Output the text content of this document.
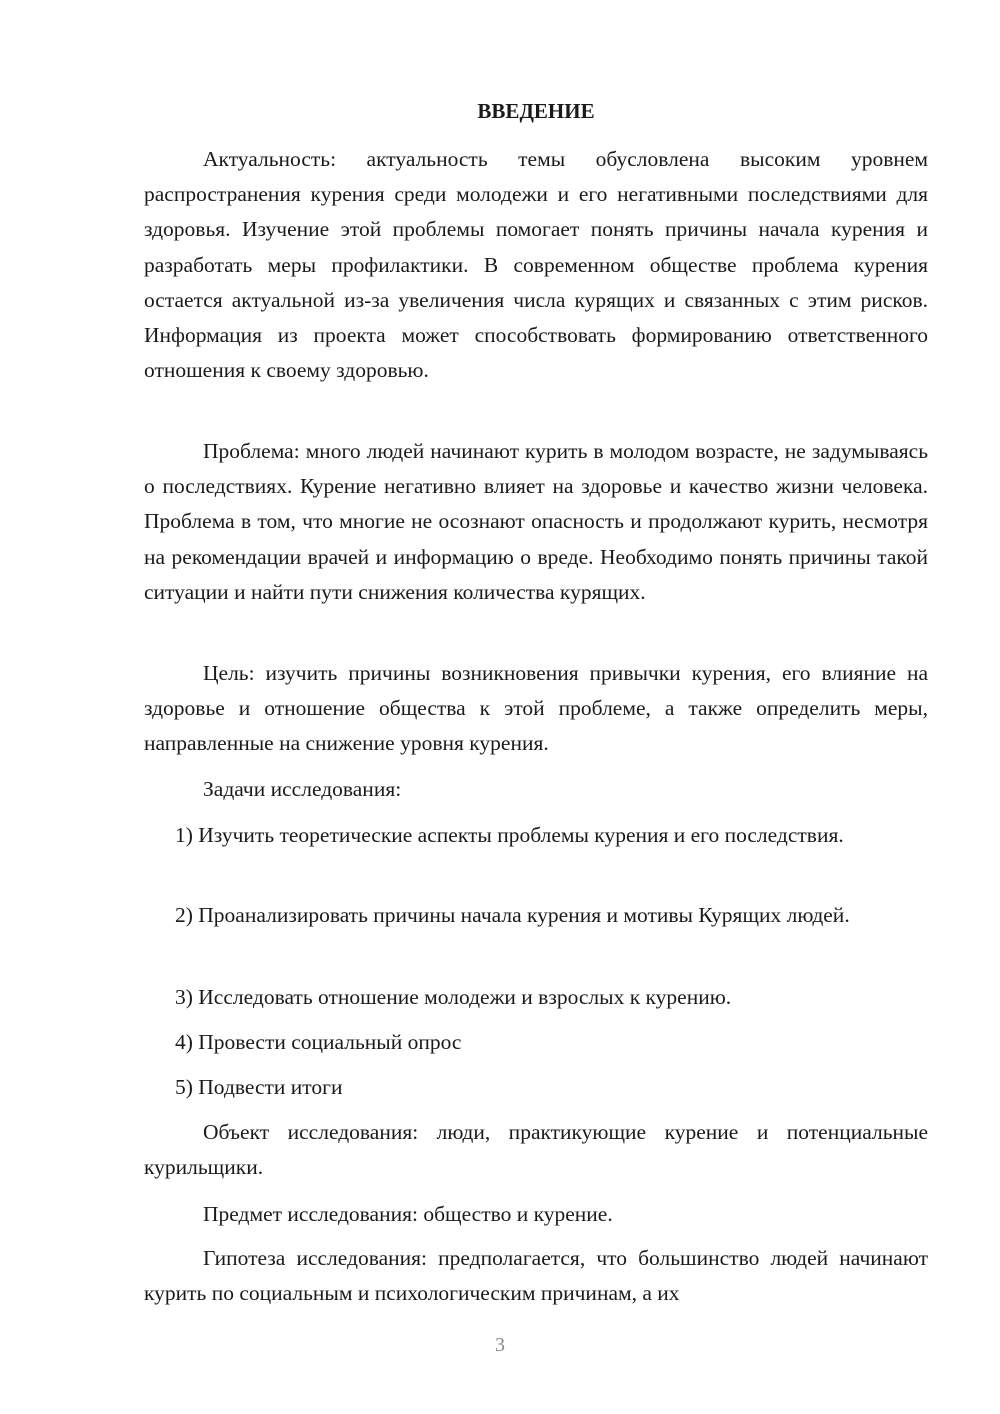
ВВЕДЕНИЕ

Актуальность: актуальность темы обусловлена высоким уровнем распространения курения среди молодежи и его негативными последствиями для здоровья. Изучение этой проблемы помогает понять причины начала курения и разработать меры профилактики. В современном обществе проблема курения остается актуальной из-за увеличения числа курящих и связанных с этим рисков. Информация из проекта может способствовать формированию ответственного отношения к своему здоровью.

Проблема: много людей начинают курить в молодом возрасте, не задумываясь о последствиях. Курение негативно влияет на здоровье и качество жизни человека. Проблема в том, что многие не осознают опасность и продолжают курить, несмотря на рекомендации врачей и информацию о вреде. Необходимо понять причины такой ситуации и найти пути снижения количества курящих.

Цель: изучить причины возникновения привычки курения, его влияние на здоровье и отношение общества к этой проблеме, а также определить меры, направленные на снижение уровня курения.

Задачи исследования:

1) Изучить теоретические аспекты проблемы курения и его последствия.

2) Проанализировать причины начала курения и мотивы Курящих людей.

3) Исследовать отношение молодежи и взрослых к курению.

4) Провести социальный опрос

5) Подвести итоги

Объект исследования: люди, практикующие курение и потенциальные курильщики.

Предмет исследования: общество и курение.

Гипотеза исследования: предполагается, что большинство людей начинают курить по социальным и психологическим причинам, а их

3
